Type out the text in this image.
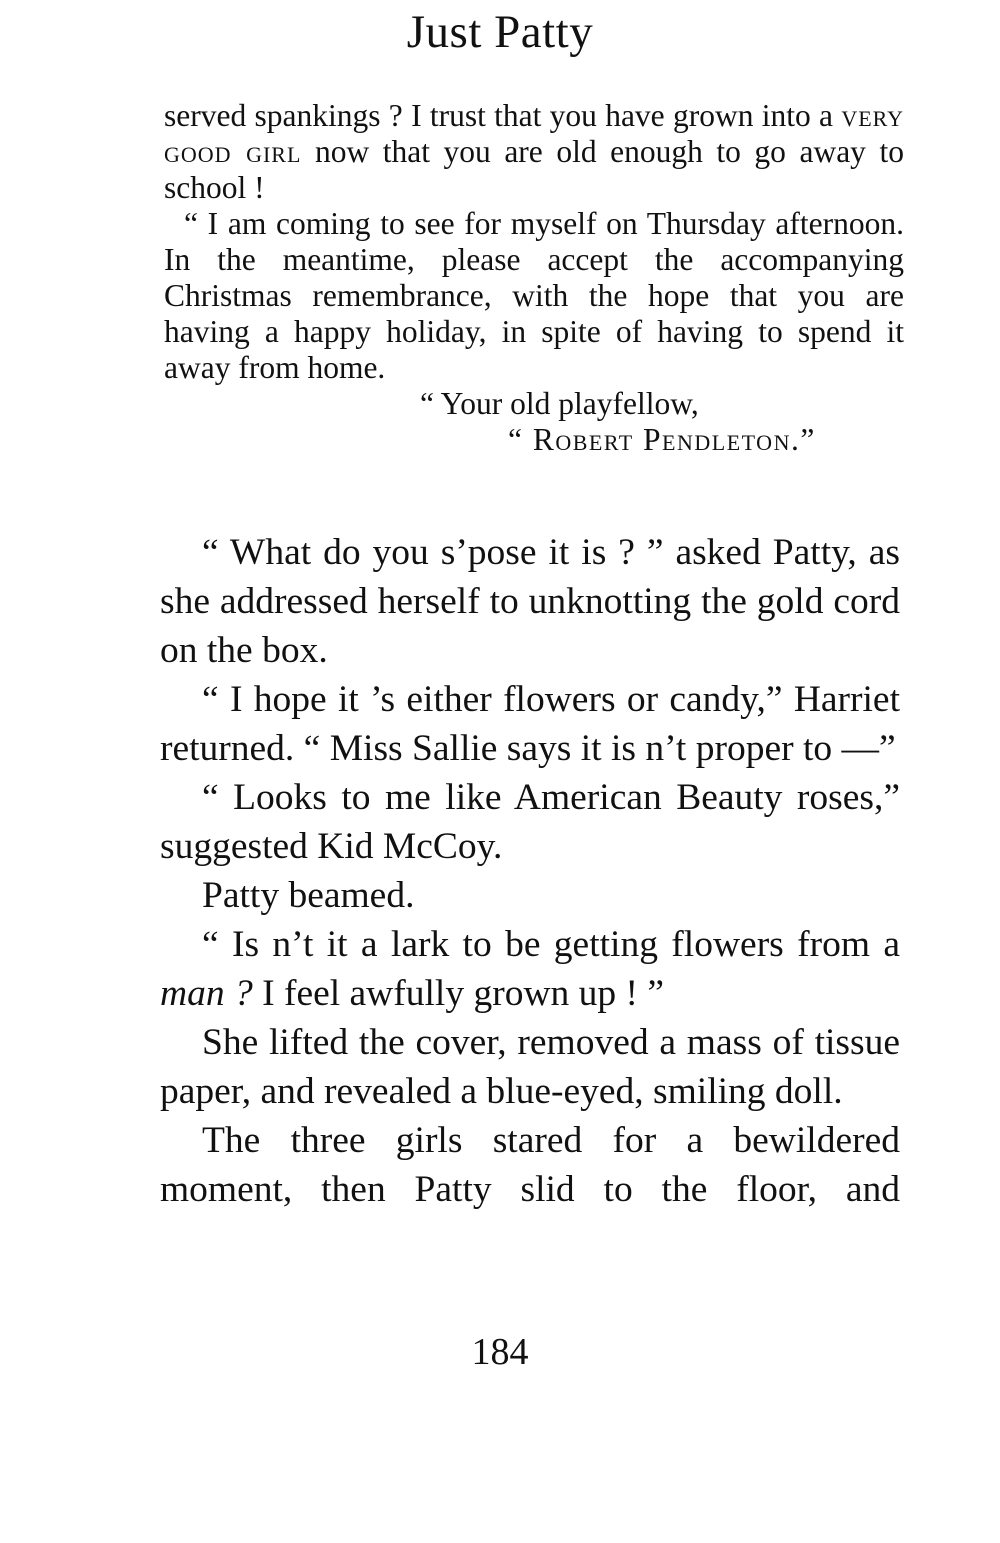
Just Patty

served spankings ? I trust that you have grown into a very good girl now that you are old enough to go away to school !

“ I am coming to see for myself on Thursday afternoon. In the meantime, please accept the accompanying Christmas remembrance, with the hope that you are having a happy holiday, in spite of having to spend it away from home.

“ Your old playfellow,
“ Robert Pendleton.”

“ What do you s’pose it is ? ” asked Patty, as she addressed herself to unknotting the gold cord on the box.

“ I hope it ’s either flowers or candy,” Harriet returned. “ Miss Sallie says it is n’t proper to —”

“ Looks to me like American Beauty roses,” suggested Kid McCoy.

Patty beamed.

“ Is n’t it a lark to be getting flowers from a man ? I feel awfully grown up ! ”

She lifted the cover, removed a mass of tissue paper, and revealed a blue-eyed, smiling doll.

The three girls stared for a bewildered moment, then Patty slid to the floor, and

184
